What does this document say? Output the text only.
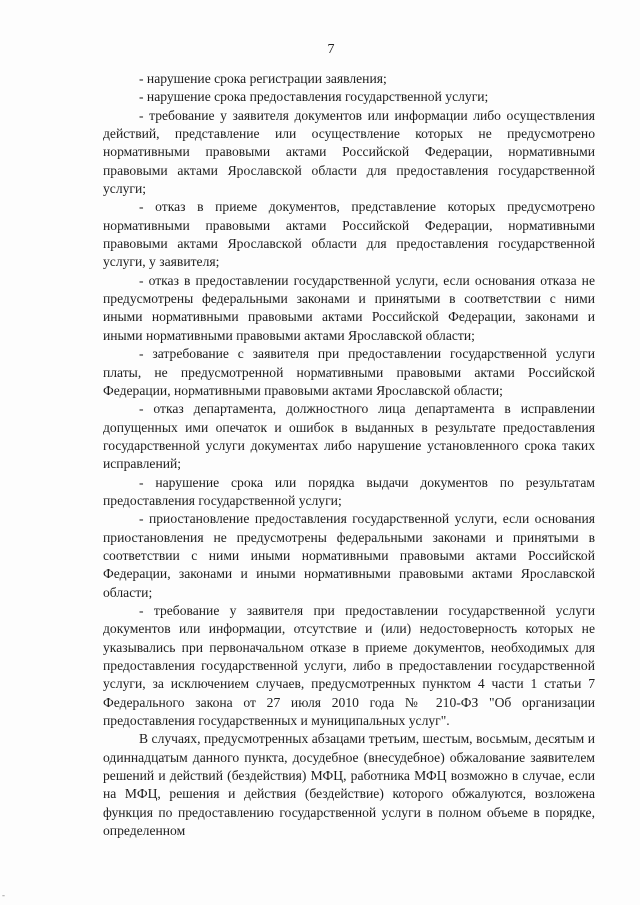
7

- нарушение срока регистрации заявления;

- нарушение срока предоставления государственной услуги;

- требование у заявителя документов или информации либо осуществления действий, представление или осуществление которых не предусмотрено нормативными правовыми актами Российской Федерации, нормативными правовыми актами Ярославской области для предоставления государственной услуги;

- отказ в приеме документов, представление которых предусмотрено нормативными правовыми актами Российской Федерации, нормативными правовыми актами Ярославской области для предоставления государственной услуги, у заявителя;

- отказ в предоставлении государственной услуги, если основания отказа не предусмотрены федеральными законами и принятыми в соответствии с ними иными нормативными правовыми актами Российской Федерации, законами и иными нормативными правовыми актами Ярославской области;

- затребование с заявителя при предоставлении государственной услуги платы, не предусмотренной нормативными правовыми актами Российской Федерации, нормативными правовыми актами Ярославской области;

- отказ департамента, должностного лица департамента в исправлении допущенных ими опечаток и ошибок в выданных в результате предоставления государственной услуги документах либо нарушение установленного срока таких исправлений;

- нарушение срока или порядка выдачи документов по результатам предоставления государственной услуги;

- приостановление предоставления государственной услуги, если основания приостановления не предусмотрены федеральными законами и принятыми в соответствии с ними иными нормативными правовыми актами Российской Федерации, законами и иными нормативными правовыми актами Ярославской области;

- требование у заявителя при предоставлении государственной услуги документов или информации, отсутствие и (или) недостоверность которых не указывались при первоначальном отказе в приеме документов, необходимых для предоставления государственной услуги, либо в предоставлении государственной услуги, за исключением случаев, предусмотренных пунктом 4 части 1 статьи 7 Федерального закона от 27 июля 2010 года № 210-ФЗ "Об организации предоставления государственных и муниципальных услуг".

В случаях, предусмотренных абзацами третьим, шестым, восьмым, десятым и одиннадцатым данного пункта, досудебное (внесудебное) обжалование заявителем решений и действий (бездействия) МФЦ, работника МФЦ возможно в случае, если на МФЦ, решения и действия (бездействие) которого обжалуются, возложена функция по предоставлению государственной услуги в полном объеме в порядке, определенном

-
